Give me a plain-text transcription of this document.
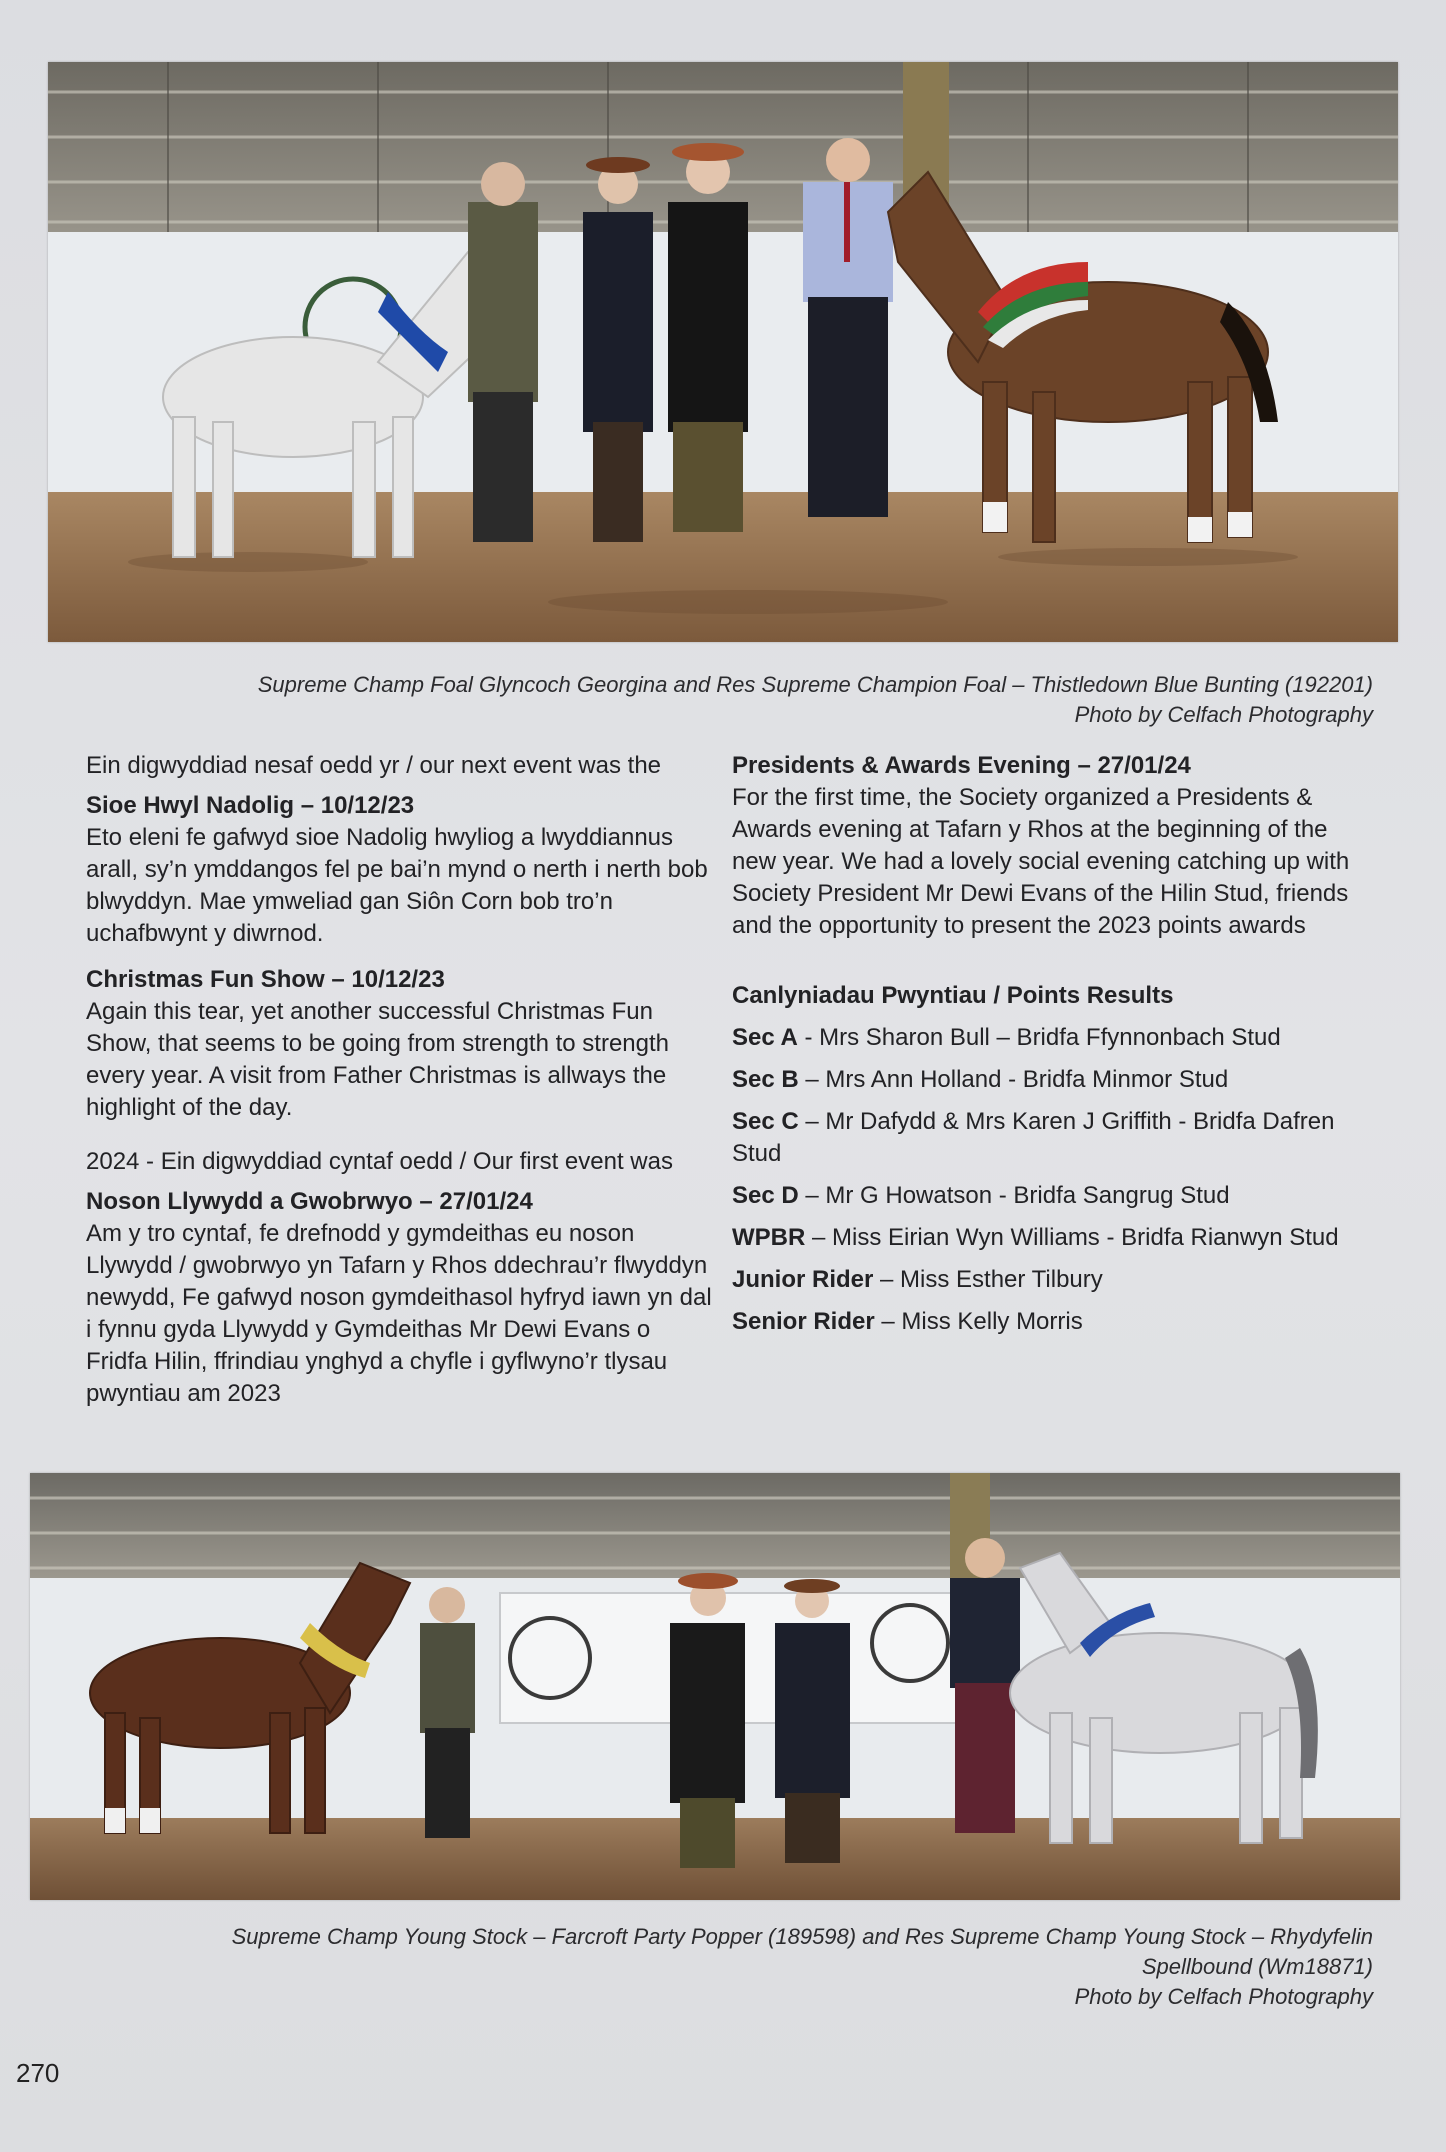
Supreme Champ Foal Glyncoch Georgina and Res Supreme Champion Foal – Thistledown Blue Bunting (192201)
Photo by Celfach Photography

Ein digwyddiad nesaf oedd yr / our next event was the

Sioe Hwyl Nadolig – 10/12/23

Eto eleni fe gafwyd sioe Nadolig hwyliog a lwyddiannus arall, sy’n ymddangos fel pe bai’n mynd o nerth i nerth bob blwyddyn. Mae ymweliad gan Siôn Corn bob tro’n uchafbwynt y diwrnod.

Christmas Fun Show – 10/12/23

Again this tear, yet another successful Christmas Fun Show, that seems to be going from strength to strength every year. A visit from Father Christmas is allways the highlight of the day.

2024 - Ein digwyddiad cyntaf oedd / Our first event was

Noson Llywydd a Gwobrwyo – 27/01/24

Am y tro cyntaf, fe drefnodd y gymdeithas eu noson Llywydd / gwobrwyo yn Tafarn y Rhos ddechrau’r flwyddyn newydd, Fe gafwyd noson gymdeithasol hyfryd iawn yn dal i fynnu gyda Llywydd y Gymdeithas Mr Dewi Evans o Fridfa Hilin, ffrindiau ynghyd a chyfle i gyflwyno’r tlysau pwyntiau am 2023

Presidents & Awards Evening – 27/01/24

For the first time, the Society organized a Presidents & Awards evening at Tafarn y Rhos at the beginning of the new year. We had a lovely social evening catching up with Society President Mr Dewi Evans of the Hilin Stud, friends and the opportunity to present the 2023 points awards

Canlyniadau Pwyntiau / Points Results

Sec A - Mrs Sharon Bull – Bridfa Ffynnonbach Stud

Sec B – Mrs Ann Holland - Bridfa Minmor Stud

Sec C – Mr Dafydd & Mrs Karen J Griffith - Bridfa Dafren Stud

Sec D – Mr G Howatson - Bridfa Sangrug Stud

WPBR – Miss Eirian Wyn Williams - Bridfa Rianwyn Stud

Junior Rider – Miss Esther Tilbury

Senior Rider – Miss Kelly Morris

Supreme Champ Young Stock – Farcroft Party Popper (189598) and Res Supreme Champ Young Stock – Rhydyfelin
Spellbound (Wm18871)
Photo by Celfach Photography
270
